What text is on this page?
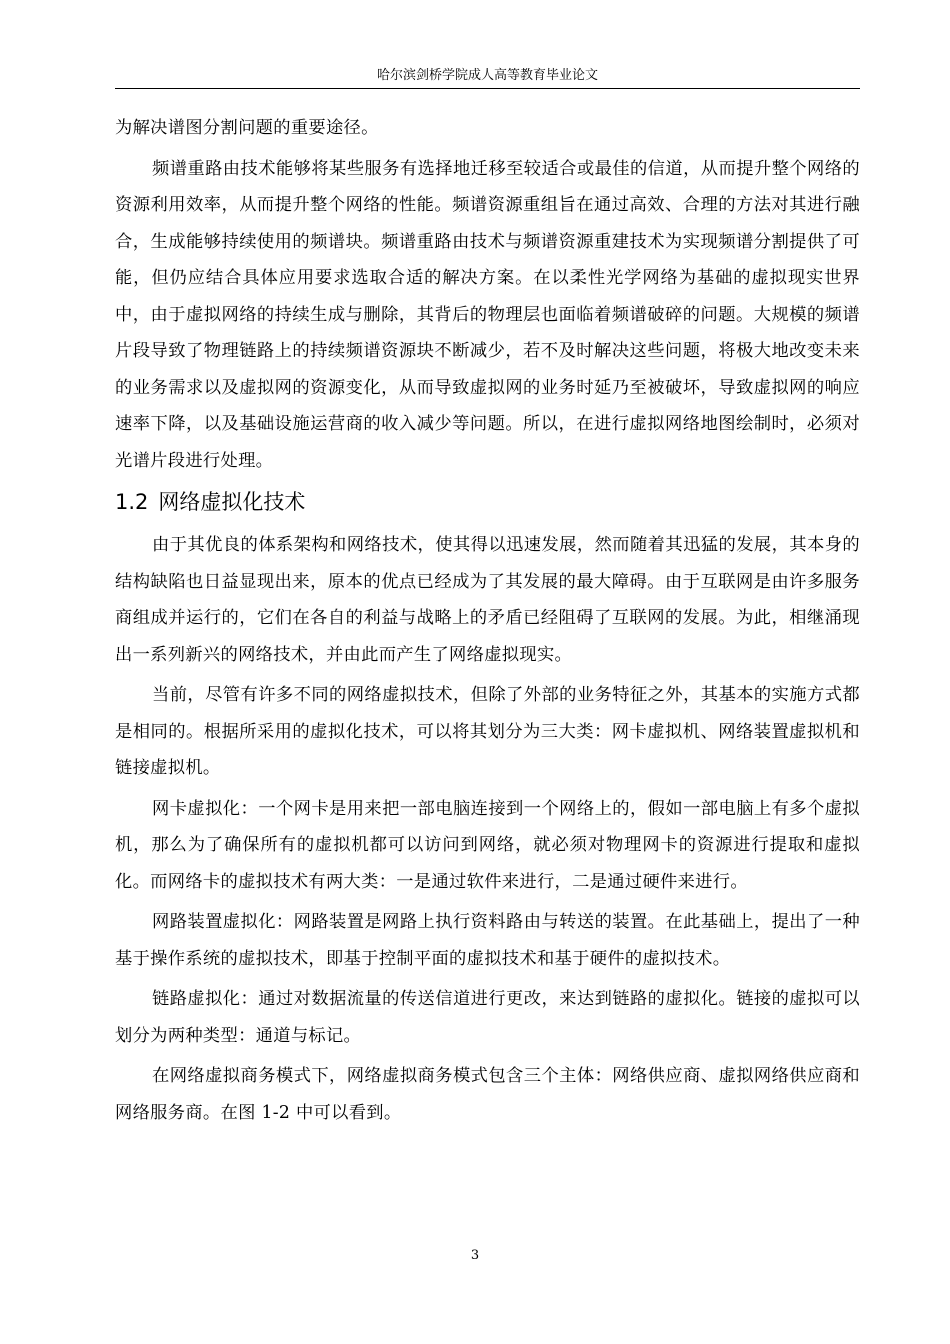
哈尔滨剑桥学院成人高等教育毕业论文

为解决谱图分割问题的重要途径。

频谱重路由技术能够将某些服务有选择地迁移至较适合或最佳的信道，从而提升整个网络的资源利用效率，从而提升整个网络的性能。频谱资源重组旨在通过高效、合理的方法对其进行融合，生成能够持续使用的频谱块。频谱重路由技术与频谱资源重建技术为实现频谱分割提供了可能，但仍应结合具体应用要求选取合适的解决方案。在以柔性光学网络为基础的虚拟现实世界中，由于虚拟网络的持续生成与删除，其背后的物理层也面临着频谱破碎的问题。大规模的频谱片段导致了物理链路上的持续频谱资源块不断减少，若不及时解决这些问题，将极大地改变未来的业务需求以及虚拟网的资源变化，从而导致虚拟网的业务时延乃至被破坏，导致虚拟网的响应速率下降，以及基础设施运营商的收入减少等问题。所以，在进行虚拟网络地图绘制时，必须对光谱片段进行处理。

1.2 网络虚拟化技术

由于其优良的体系架构和网络技术，使其得以迅速发展，然而随着其迅猛的发展，其本身的结构缺陷也日益显现出来，原本的优点已经成为了其发展的最大障碍。由于互联网是由许多服务商组成并运行的，它们在各自的利益与战略上的矛盾已经阻碍了互联网的发展。为此，相继涌现出一系列新兴的网络技术，并由此而产生了网络虚拟现实。

当前，尽管有许多不同的网络虚拟技术，但除了外部的业务特征之外，其基本的实施方式都是相同的。根据所采用的虚拟化技术，可以将其划分为三大类：网卡虚拟机、网络装置虚拟机和链接虚拟机。

网卡虚拟化：一个网卡是用来把一部电脑连接到一个网络上的，假如一部电脑上有多个虚拟机，那么为了确保所有的虚拟机都可以访问到网络，就必须对物理网卡的资源进行提取和虚拟化。而网络卡的虚拟技术有两大类：一是通过软件来进行，二是通过硬件来进行。

网路装置虚拟化：网路装置是网路上执行资料路由与转送的装置。在此基础上，提出了一种基于操作系统的虚拟技术，即基于控制平面的虚拟技术和基于硬件的虚拟技术。

链路虚拟化：通过对数据流量的传送信道进行更改，来达到链路的虚拟化。链接的虚拟可以划分为两种类型：通道与标记。

在网络虚拟商务模式下，网络虚拟商务模式包含三个主体：网络供应商、虚拟网络供应商和网络服务商。在图 1-2 中可以看到。

3
